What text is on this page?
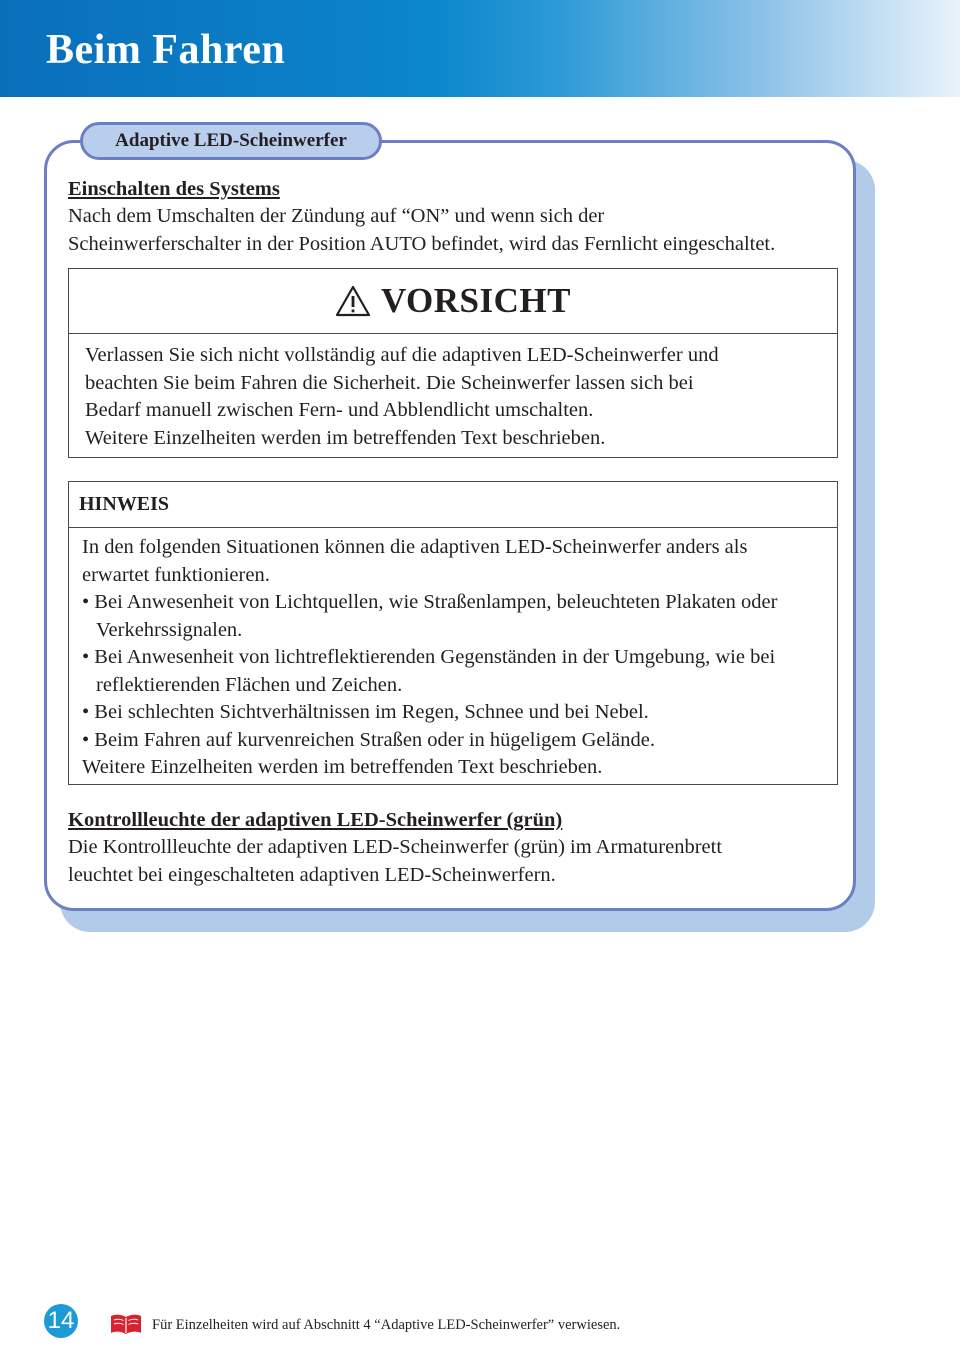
Beim Fahren
Adaptive LED-Scheinwerfer
Einschalten des Systems
Nach dem Umschalten der Zündung auf “ON” und wenn sich der
Scheinwerferschalter in der Position AUTO befindet, wird das Fernlicht eingeschaltet.
VORSICHT
Verlassen Sie sich nicht vollständig auf die adaptiven LED-Scheinwerfer und
beachten Sie beim Fahren die Sicherheit. Die Scheinwerfer lassen sich bei
Bedarf manuell zwischen Fern- und Abblendlicht umschalten.
Weitere Einzelheiten werden im betreffenden Text beschrieben.
HINWEIS
In den folgenden Situationen können die adaptiven LED-Scheinwerfer anders als
erwartet funktionieren.
• Bei Anwesenheit von Lichtquellen, wie Straßenlampen, beleuchteten Plakaten oder Verkehrssignalen.
• Bei Anwesenheit von lichtreflektierenden Gegenständen in der Umgebung, wie bei reflektierenden Flächen und Zeichen.
• Bei schlechten Sichtverhältnissen im Regen, Schnee und bei Nebel.
• Beim Fahren auf kurvenreichen Straßen oder in hügeligem Gelände.
Weitere Einzelheiten werden im betreffenden Text beschrieben.
Kontrollleuchte der adaptiven LED-Scheinwerfer (grün)
Die Kontrollleuchte der adaptiven LED-Scheinwerfer (grün) im Armaturenbrett
leuchtet bei eingeschalteten adaptiven LED-Scheinwerfern.
14	Für Einzelheiten wird auf Abschnitt 4 “Adaptive LED-Scheinwerfer” verwiesen.
